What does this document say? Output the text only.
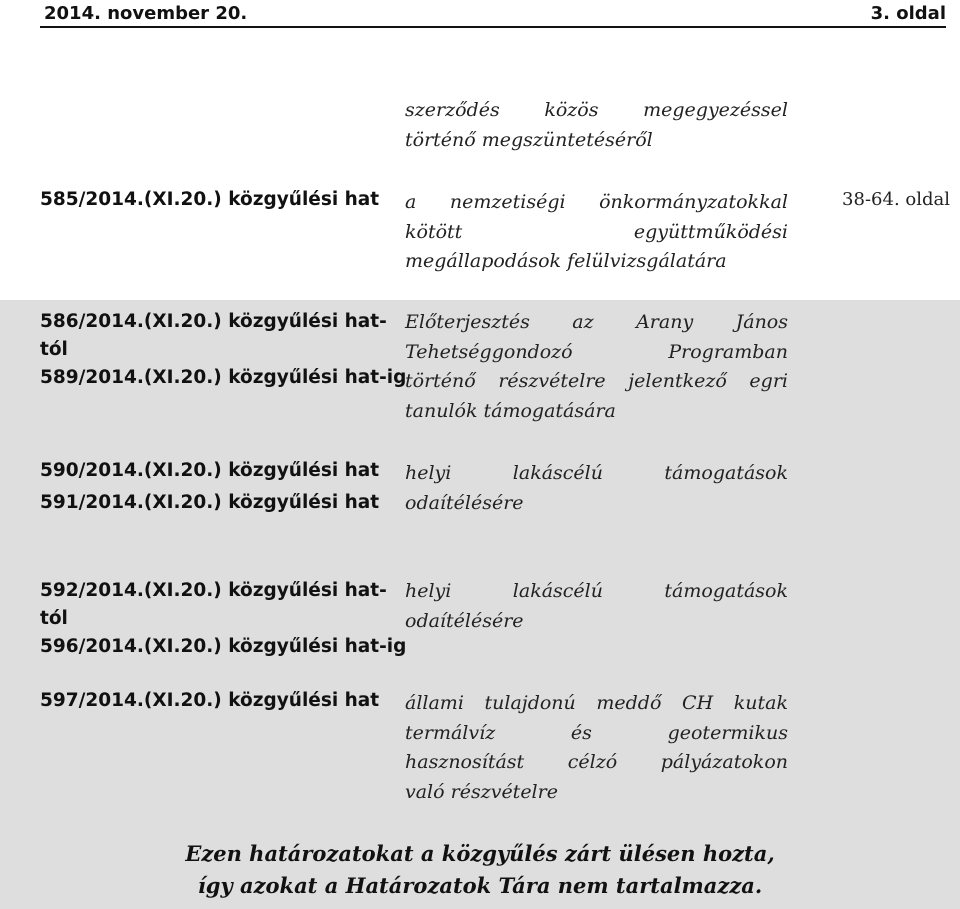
2014. november 20.	3. oldal
szerződés közös megegyezéssel
történő megszüntetéséről
585/2014.(XI.20.) közgyűlési hat a nemzetiségi önkormányzatokkal
kötött együttműködési
megállapodások felülvizsgálatára
38-64. oldal
586/2014.(XI.20.) közgyűlési hat-
tól
589/2014.(XI.20.) közgyűlési hat-ig
Előterjesztés az Arany János
Tehetséggondozó Programban
történő részvételre jelentkező egri
tanulók támogatására
590/2014.(XI.20.) közgyűlési hat
591/2014.(XI.20.) közgyűlési hat
helyi lakáscélú támogatások
odaítélésére
592/2014.(XI.20.) közgyűlési hat-
tól
596/2014.(XI.20.) közgyűlési hat-ig
helyi lakáscélú támogatások
odaítélésére
597/2014.(XI.20.) közgyűlési hat állami tulajdonú meddő CH kutak
termálvíz és geotermikus
hasznosítást célzó pályázatokon
való részvételre
Ezen határozatokat a közgyűlés zárt ülésen hozta,
így azokat a Határozatok Tára nem tartalmazza.
